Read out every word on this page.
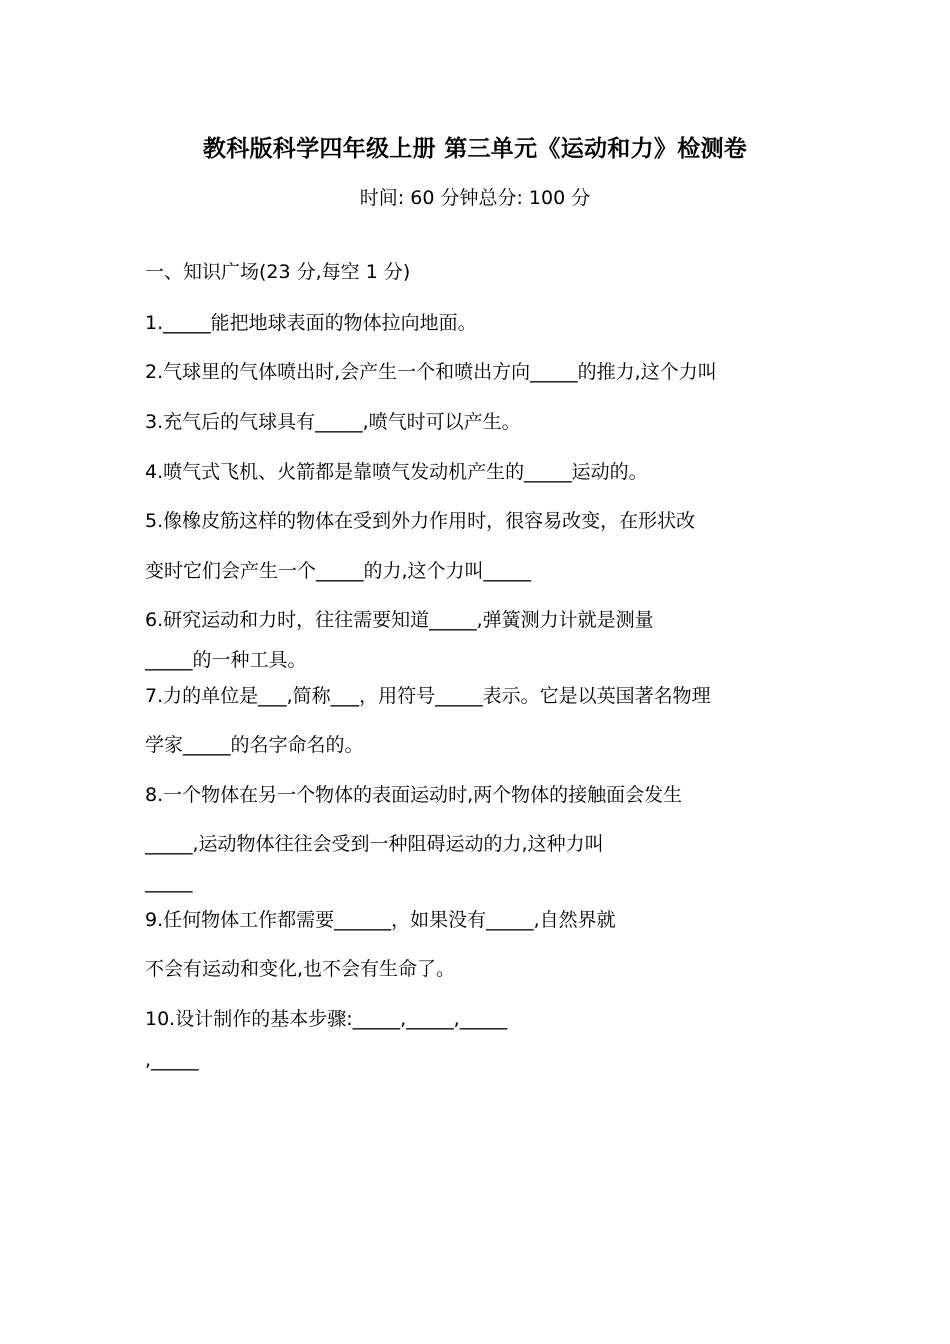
教科版科学四年级上册 第三单元《运动和力》检测卷
时间: 60 分钟总分: 100 分
一、知识广场(23 分,每空 1 分)
1._____能把地球表面的物体拉向地面。
2.气球里的气体喷出时,会产生一个和喷出方向_____的推力,这个力叫
3.充气后的气球具有_____,喷气时可以产生。
4.喷气式飞机、火箭都是靠喷气发动机产生的_____运动的。
5.像橡皮筋这样的物体在受到外力作用时，很容易改变，在形状改
变时它们会产生一个_____的力,这个力叫_____
6.研究运动和力时，往往需要知道_____,弹簧测力计就是测量
_____的一种工具。
7.力的单位是___,简称___，用符号_____表示。它是以英国著名物理
学家_____的名字命名的。
8.一个物体在另一个物体的表面运动时,两个物体的接触面会发生
_____,运动物体往往会受到一种阻碍运动的力,这种力叫
_____
9.任何物体工作都需要______，如果没有_____,自然界就
不会有运动和变化,也不会有生命了。
10.设计制作的基本步骤:_____,_____,_____
,_____
